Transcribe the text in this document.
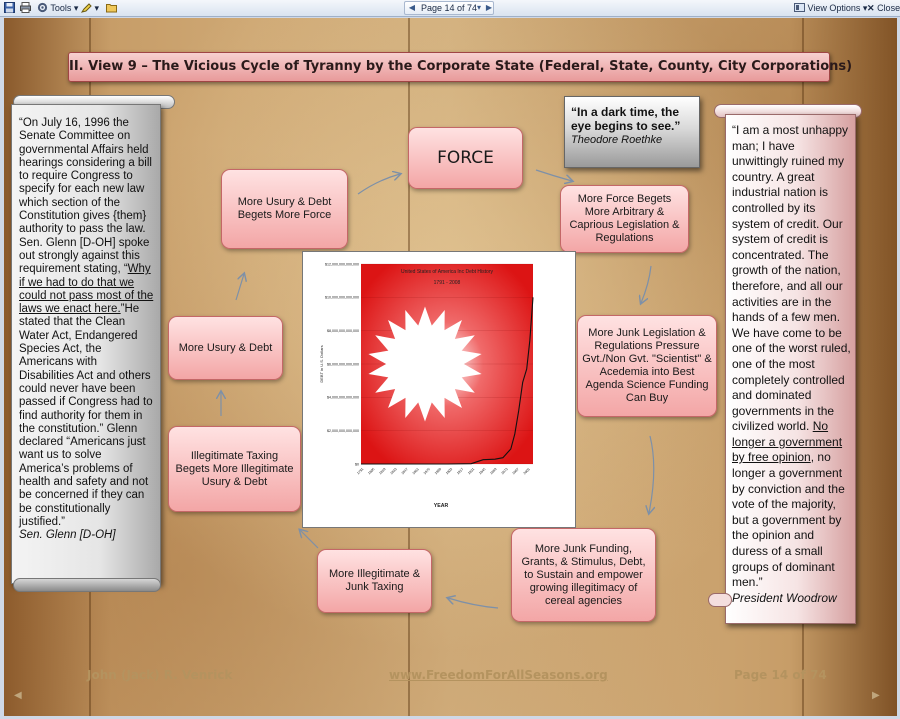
Tools ▾	▾	◀ Page 14 of 74 ▾ ▶	View Options ▾ ✕ Close
II. View 9 – The Vicious Cycle of Tyranny by the Corporate State (Federal, State, County, City Corporations)
“On July 16, 1996 the Senate Committee on governmental Affairs held hearings considering a bill to require Congress to specify for each new law which section of the Constitution gives {them} authority to pass the law. Sen. Glenn [D-OH] spoke out strongly against this requirement stating, “Why if we had to do that we could not pass most of the laws we enact here.”He stated that the Clean Water Act, Endangered Species Act, the Americans with Disabilities Act and others could never have been passed if Congress had to find authority for them in the constitution.” Glenn declared “Americans just want us to solve America’s problems of health and safety and not be concerned if they can be constitutionally justified.”
Sen. Glenn [D-OH]
“In a dark time, the eye begins to see.”
Theodore Roethke
“I am a most unhappy man; I have unwittingly ruined my country. A great industrial nation is controlled by its system of credit. Our system of credit is concentrated. The growth of the nation, therefore, and all our activities are in the hands of a few men. We have come to be one of the worst ruled, one of the most completely controlled and dominated governments in the civilized world. No longer a government by free opinion, no longer a government by conviction and the vote of the majority, but a government by the opinion and duress of a small groups of dominant men.”
President Woodrow
FORCE
More Force Begets More Arbitrary & Caprious Legislation & Regulations
More Junk Legislation & Regulations Pressure Gvt./Non Gvt. "Scientist" & Acedemia into Best Agenda Science Funding Can Buy
More Junk Funding, Grants, & Stimulus, Debt, to Sustain and empower growing illegitimacy of cereal agencies
More Illegitimate & Junk Taxing
Illegitimate Taxing Begets More Illegitimate Usury & Debt
More Usury & Debt
More Usury & Debt Begets More Force
$0
$2,000,000,000,000
$4,000,000,000,000
$6,000,000,000,000
$8,000,000,000,000
$10,000,000,000,000
$12,000,000,000,000
1791 1805 1819 1833 1847 1861 1875 1889 1903 1917 1931 1945 1959 1973 1987 2001
United States of America Inc Debt History
1791 - 2008
YEAR
DEBT in U.S. Dollars
John (Jack) R. Venrick	www.FreedomForAllSeasons.org	Page 14 of 74
◀	▶
